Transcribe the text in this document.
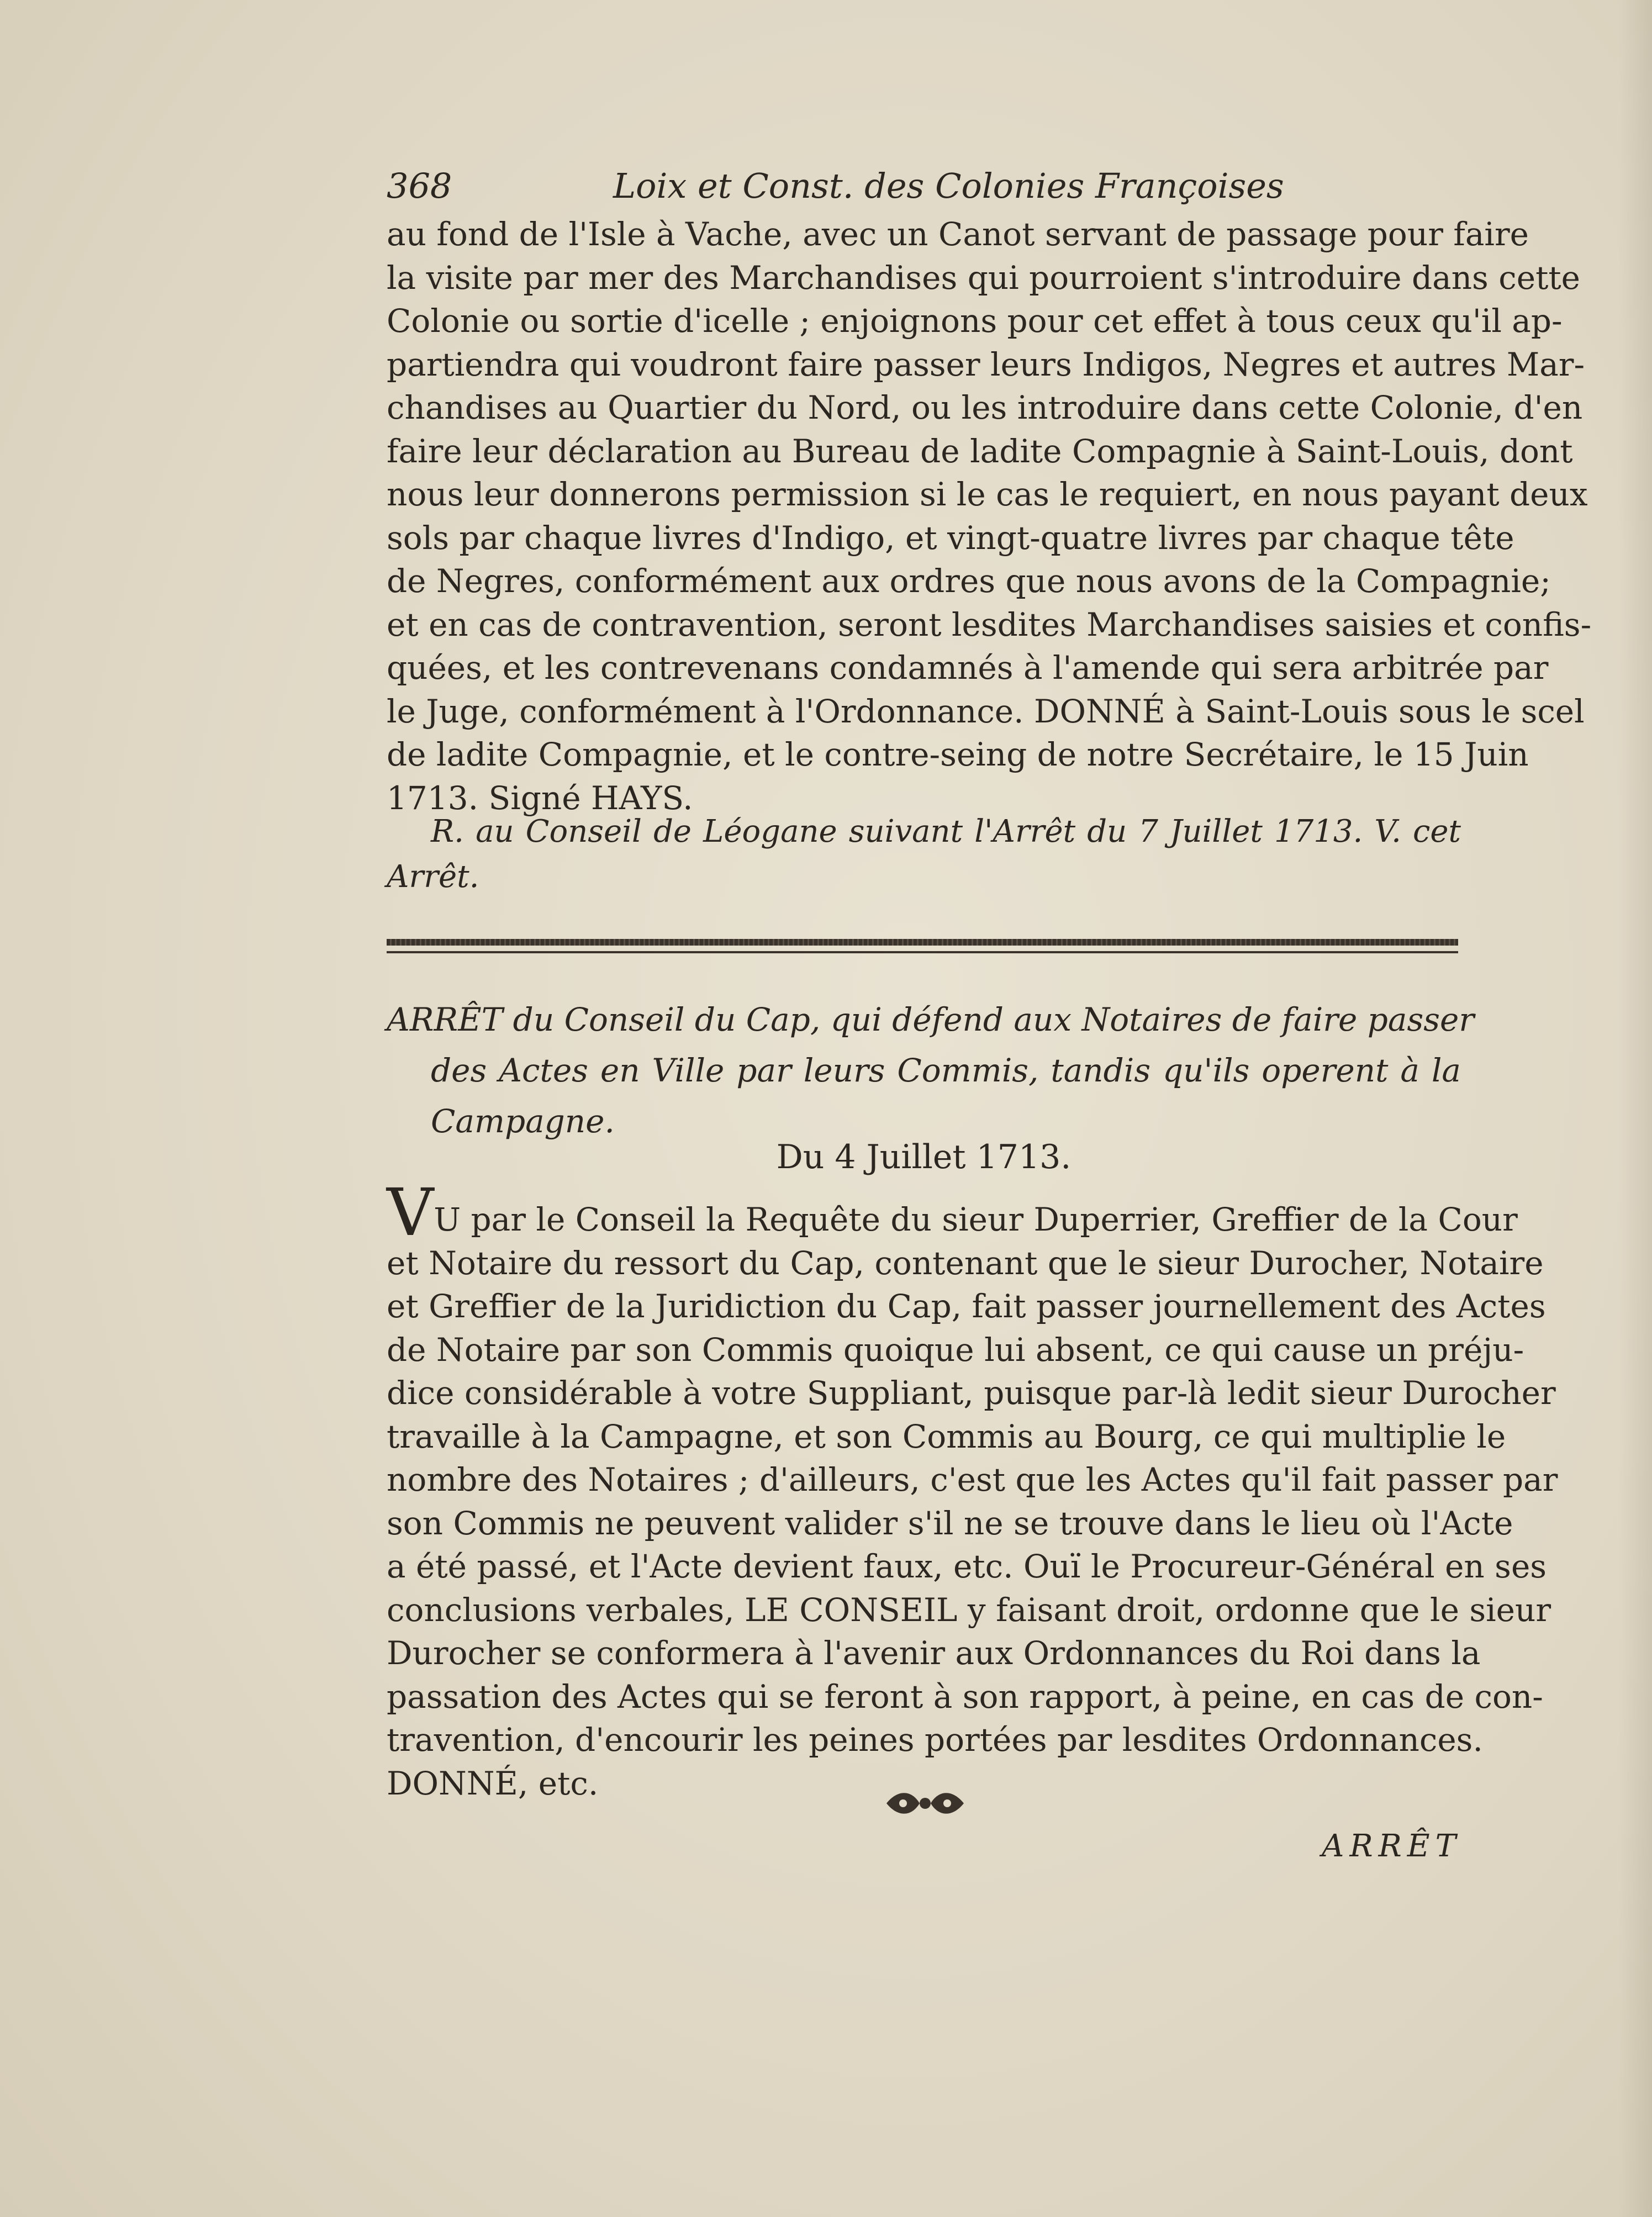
368	Loix et Const. des Colonies Françoises
au fond de l'Isle à Vache, avec un Canot servant de passage pour faire
la visite par mer des Marchandises qui pourroient s'introduire dans cette
Colonie ou sortie d'icelle ; enjoignons pour cet effet à tous ceux qu'il ap-
partiendra qui voudront faire passer leurs Indigos, Negres et autres Mar-
chandises au Quartier du Nord, ou les introduire dans cette Colonie, d'en
faire leur déclaration au Bureau de ladite Compagnie à Saint-Louis, dont
nous leur donnerons permission si le cas le requiert, en nous payant deux
sols par chaque livres d'Indigo, et vingt-quatre livres par chaque tête
de Negres, conformément aux ordres que nous avons de la Compagnie;
et en cas de contravention, seront lesdites Marchandises saisies et confis-
quées, et les contrevenans condamnés à l'amende qui sera arbitrée par
le Juge, conformément à l'Ordonnance. DONNÉ à Saint-Louis sous le scel
de ladite Compagnie, et le contre-seing de notre Secrétaire, le 15 Juin
1713. Signé HAYS.
R. au Conseil de Léogane suivant l'Arrêt du 7 Juillet 1713. V. cet
Arrêt.
ARRÊT du Conseil du Cap, qui défend aux Notaires de faire passer
des Actes en Ville par leurs Commis, tandis qu'ils operent à la
Campagne.
Du 4 Juillet 1713.
VU par le Conseil la Requête du sieur Duperrier, Greffier de la Cour
et Notaire du ressort du Cap, contenant que le sieur Durocher, Notaire
et Greffier de la Juridiction du Cap, fait passer journellement des Actes
de Notaire par son Commis quoique lui absent, ce qui cause un préju-
dice considérable à votre Suppliant, puisque par-là ledit sieur Durocher
travaille à la Campagne, et son Commis au Bourg, ce qui multiplie le
nombre des Notaires ; d'ailleurs, c'est que les Actes qu'il fait passer par
son Commis ne peuvent valider s'il ne se trouve dans le lieu où l'Acte
a été passé, et l'Acte devient faux, etc. Ouï le Procureur-Général en ses
conclusions verbales, LE CONSEIL y faisant droit, ordonne que le sieur
Durocher se conformera à l'avenir aux Ordonnances du Roi dans la
passation des Actes qui se feront à son rapport, à peine, en cas de con-
travention, d'encourir les peines portées par lesdites Ordonnances.
DONNÉ, etc.
ARRÊT
